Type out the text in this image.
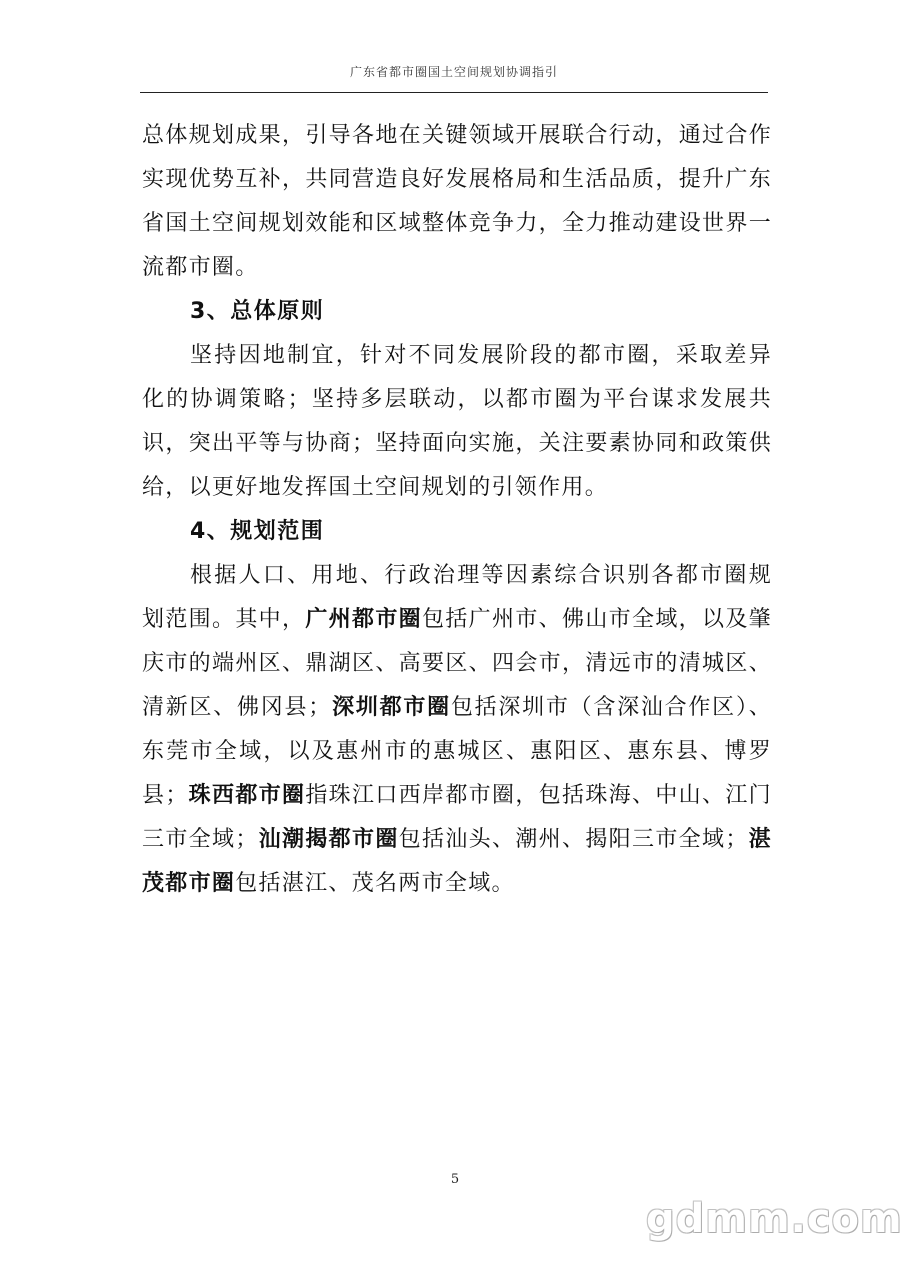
广东省都市圈国土空间规划协调指引

总体规划成果，引导各地在关键领域开展联合行动，通过合作实现优势互补，共同营造良好发展格局和生活品质，提升广东省国土空间规划效能和区域整体竞争力，全力推动建设世界一流都市圈。

3、总体原则

坚持因地制宜，针对不同发展阶段的都市圈，采取差异化的协调策略；坚持多层联动，以都市圈为平台谋求发展共识，突出平等与协商；坚持面向实施，关注要素协同和政策供给，以更好地发挥国土空间规划的引领作用。

4、规划范围

根据人口、用地、行政治理等因素综合识别各都市圈规划范围。其中，广州都市圈包括广州市、佛山市全域，以及肇庆市的端州区、鼎湖区、高要区、四会市，清远市的清城区、清新区、佛冈县；深圳都市圈包括深圳市（含深汕合作区）、东莞市全域，以及惠州市的惠城区、惠阳区、惠东县、博罗县；珠西都市圈指珠江口西岸都市圈，包括珠海、中山、江门三市全域；汕潮揭都市圈包括汕头、潮州、揭阳三市全域；湛茂都市圈包括湛江、茂名两市全域。

5
gdmm.com
